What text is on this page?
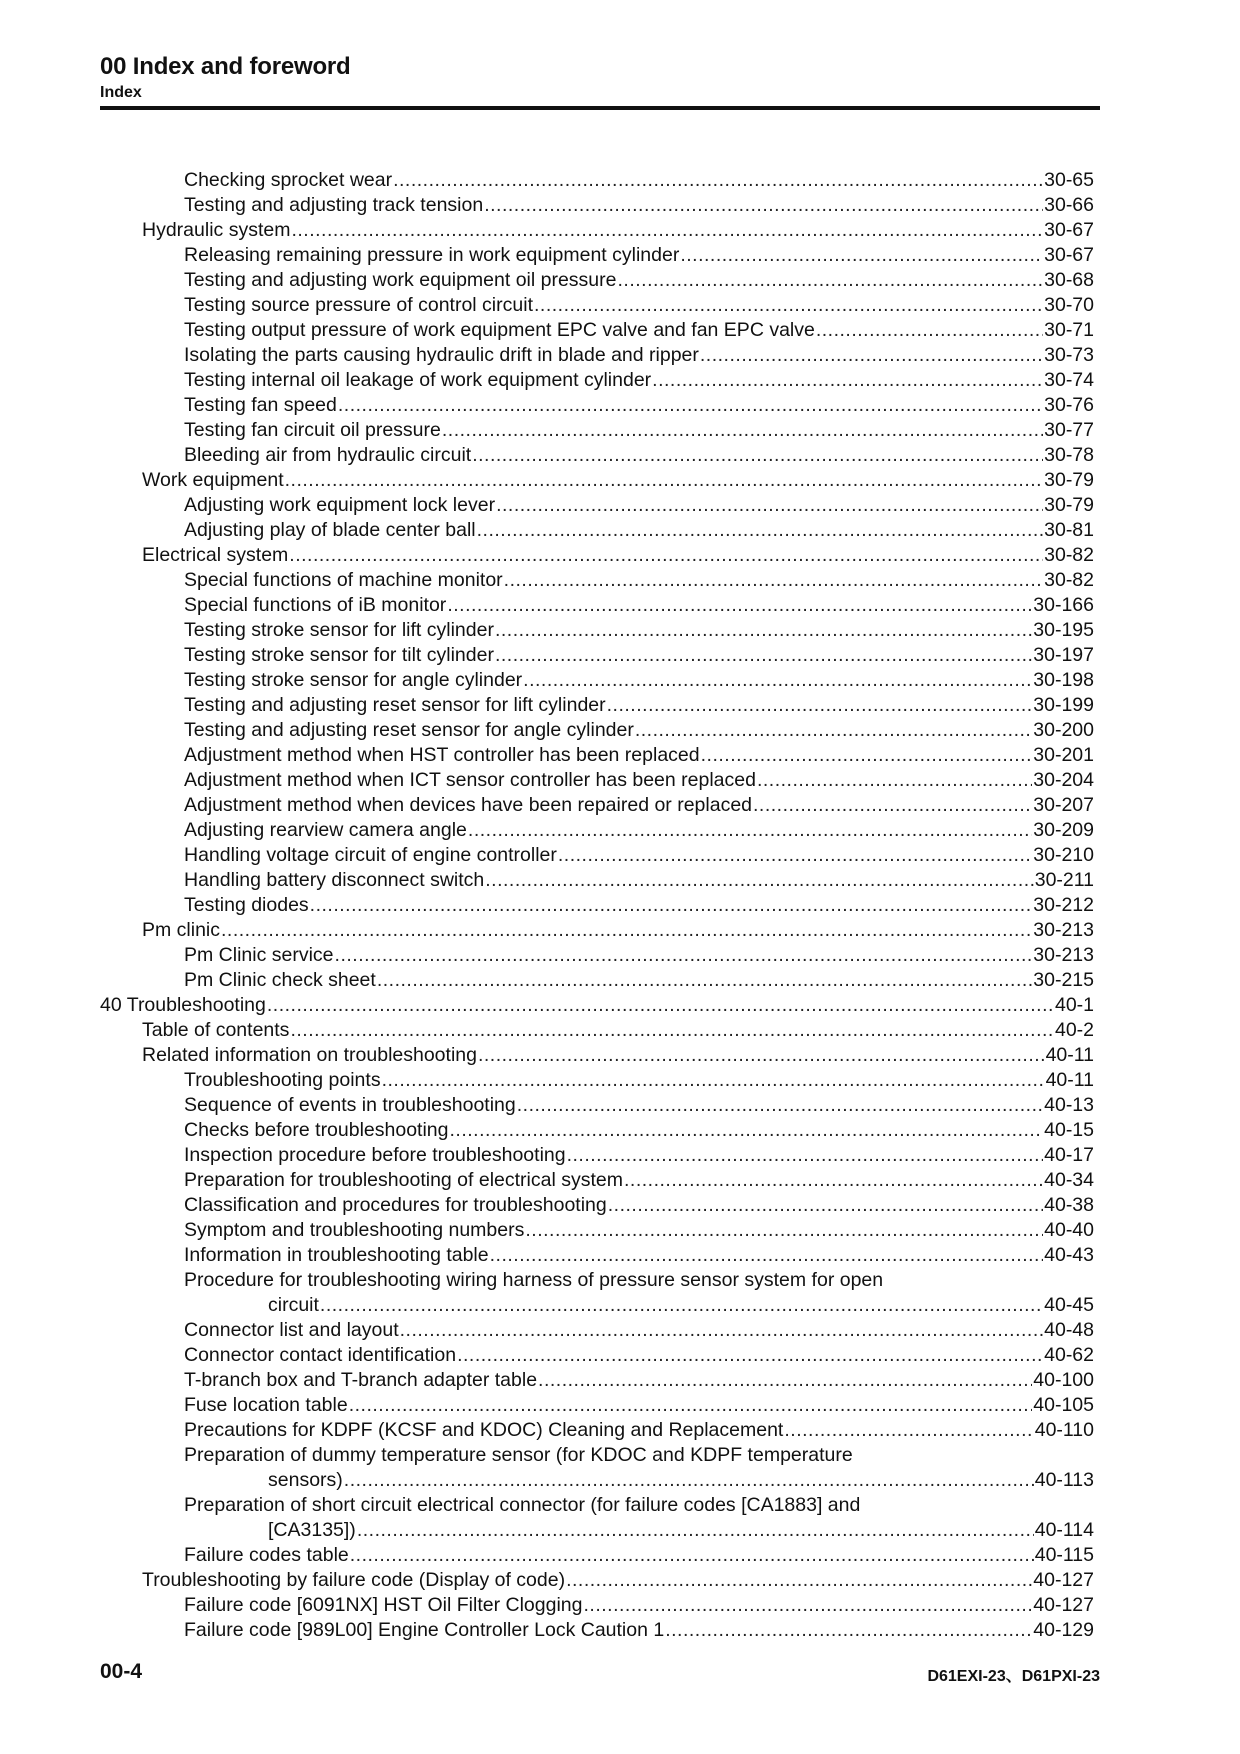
00 Index and foreword
Index
Checking sprocket wear .....	30-65
Testing and adjusting track tension .....	30-66
Hydraulic system .....	30-67
Releasing remaining pressure in work equipment cylinder .....	30-67
Testing and adjusting work equipment oil pressure .....	30-68
Testing source pressure of control circuit .....	30-70
Testing output pressure of work equipment EPC valve and fan EPC valve .....	30-71
Isolating the parts causing hydraulic drift in blade and ripper .....	30-73
Testing internal oil leakage of work equipment cylinder .....	30-74
Testing fan speed .....	30-76
Testing fan circuit oil pressure .....	30-77
Bleeding air from hydraulic circuit .....	30-78
Work equipment .....	30-79
Adjusting work equipment lock lever .....	30-79
Adjusting play of blade center ball .....	30-81
Electrical system .....	30-82
Special functions of machine monitor .....	30-82
Special functions of iB monitor .....	30-166
Testing stroke sensor for lift cylinder .....	30-195
Testing stroke sensor for tilt cylinder .....	30-197
Testing stroke sensor for angle cylinder .....	30-198
Testing and adjusting reset sensor for lift cylinder .....	30-199
Testing and adjusting reset sensor for angle cylinder .....	30-200
Adjustment method when HST controller has been replaced .....	30-201
Adjustment method when ICT sensor controller has been replaced .....	30-204
Adjustment method when devices have been repaired or replaced .....	30-207
Adjusting rearview camera angle .....	30-209
Handling voltage circuit of engine controller .....	30-210
Handling battery disconnect switch .....	30-211
Testing diodes .....	30-212
Pm clinic .....	30-213
Pm Clinic service .....	30-213
Pm Clinic check sheet .....	30-215
40 Troubleshooting .....	40-1
Table of contents .....	40-2
Related information on troubleshooting .....	40-11
Troubleshooting points .....	40-11
Sequence of events in troubleshooting .....	40-13
Checks before troubleshooting .....	40-15
Inspection procedure before troubleshooting .....	40-17
Preparation for troubleshooting of electrical system .....	40-34
Classification and procedures for troubleshooting .....	40-38
Symptom and troubleshooting numbers .....	40-40
Information in troubleshooting table .....	40-43
Procedure for troubleshooting wiring harness of pressure sensor system for open
circuit .....	40-45
Connector list and layout .....	40-48
Connector contact identification .....	40-62
T-branch box and T-branch adapter table .....	40-100
Fuse location table .....	40-105
Precautions for KDPF (KCSF and KDOC) Cleaning and Replacement .....	40-110
Preparation of dummy temperature sensor (for KDOC and KDPF temperature
sensors) .....	40-113
Preparation of short circuit electrical connector (for failure codes [CA1883] and
[CA3135]) .....	40-114
Failure codes table .....	40-115
Troubleshooting by failure code (Display of code) .....	40-127
Failure code [6091NX] HST Oil Filter Clogging .....	40-127
Failure code [989L00] Engine Controller Lock Caution 1 .....	40-129
00-4	D61EXI-23、D61PXI-23
